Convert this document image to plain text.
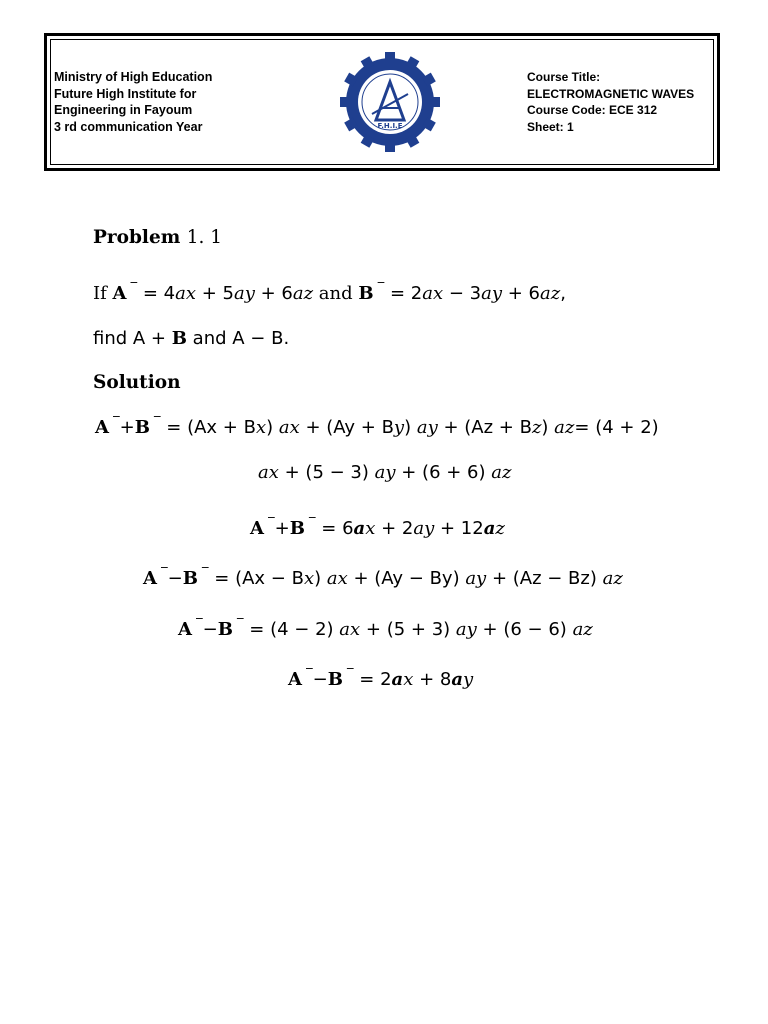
Ministry of High Education
Future High Institute for
Engineering in Fayoum
3 rd communication Year	F.H.I.E
Course Title:
ELECTROMAGNETIC WAVES
Course Code: ECE 312
Sheet: 1
Problem 1. 1
If A ‾ = 4ax + 5ay + 6az and B ‾ = 2ax − 3ay + 6az,
find A + B and A − B.
Solution
A ‾+B ‾ = (Ax + Bx) ax + (Ay + By) ay + (Az + Bz) az= (4 + 2)
ax + (5 − 3) ay + (6 + 6) az
A ‾+B ‾ = 6ax + 2ay + 12az
A ‾−B ‾ = (Ax − Bx) ax + (Ay − By) ay + (Az − Bz) az
A ‾−B ‾ = (4 − 2) ax + (5 + 3) ay + (6 − 6) az
A ‾−B ‾ = 2ax + 8ay
